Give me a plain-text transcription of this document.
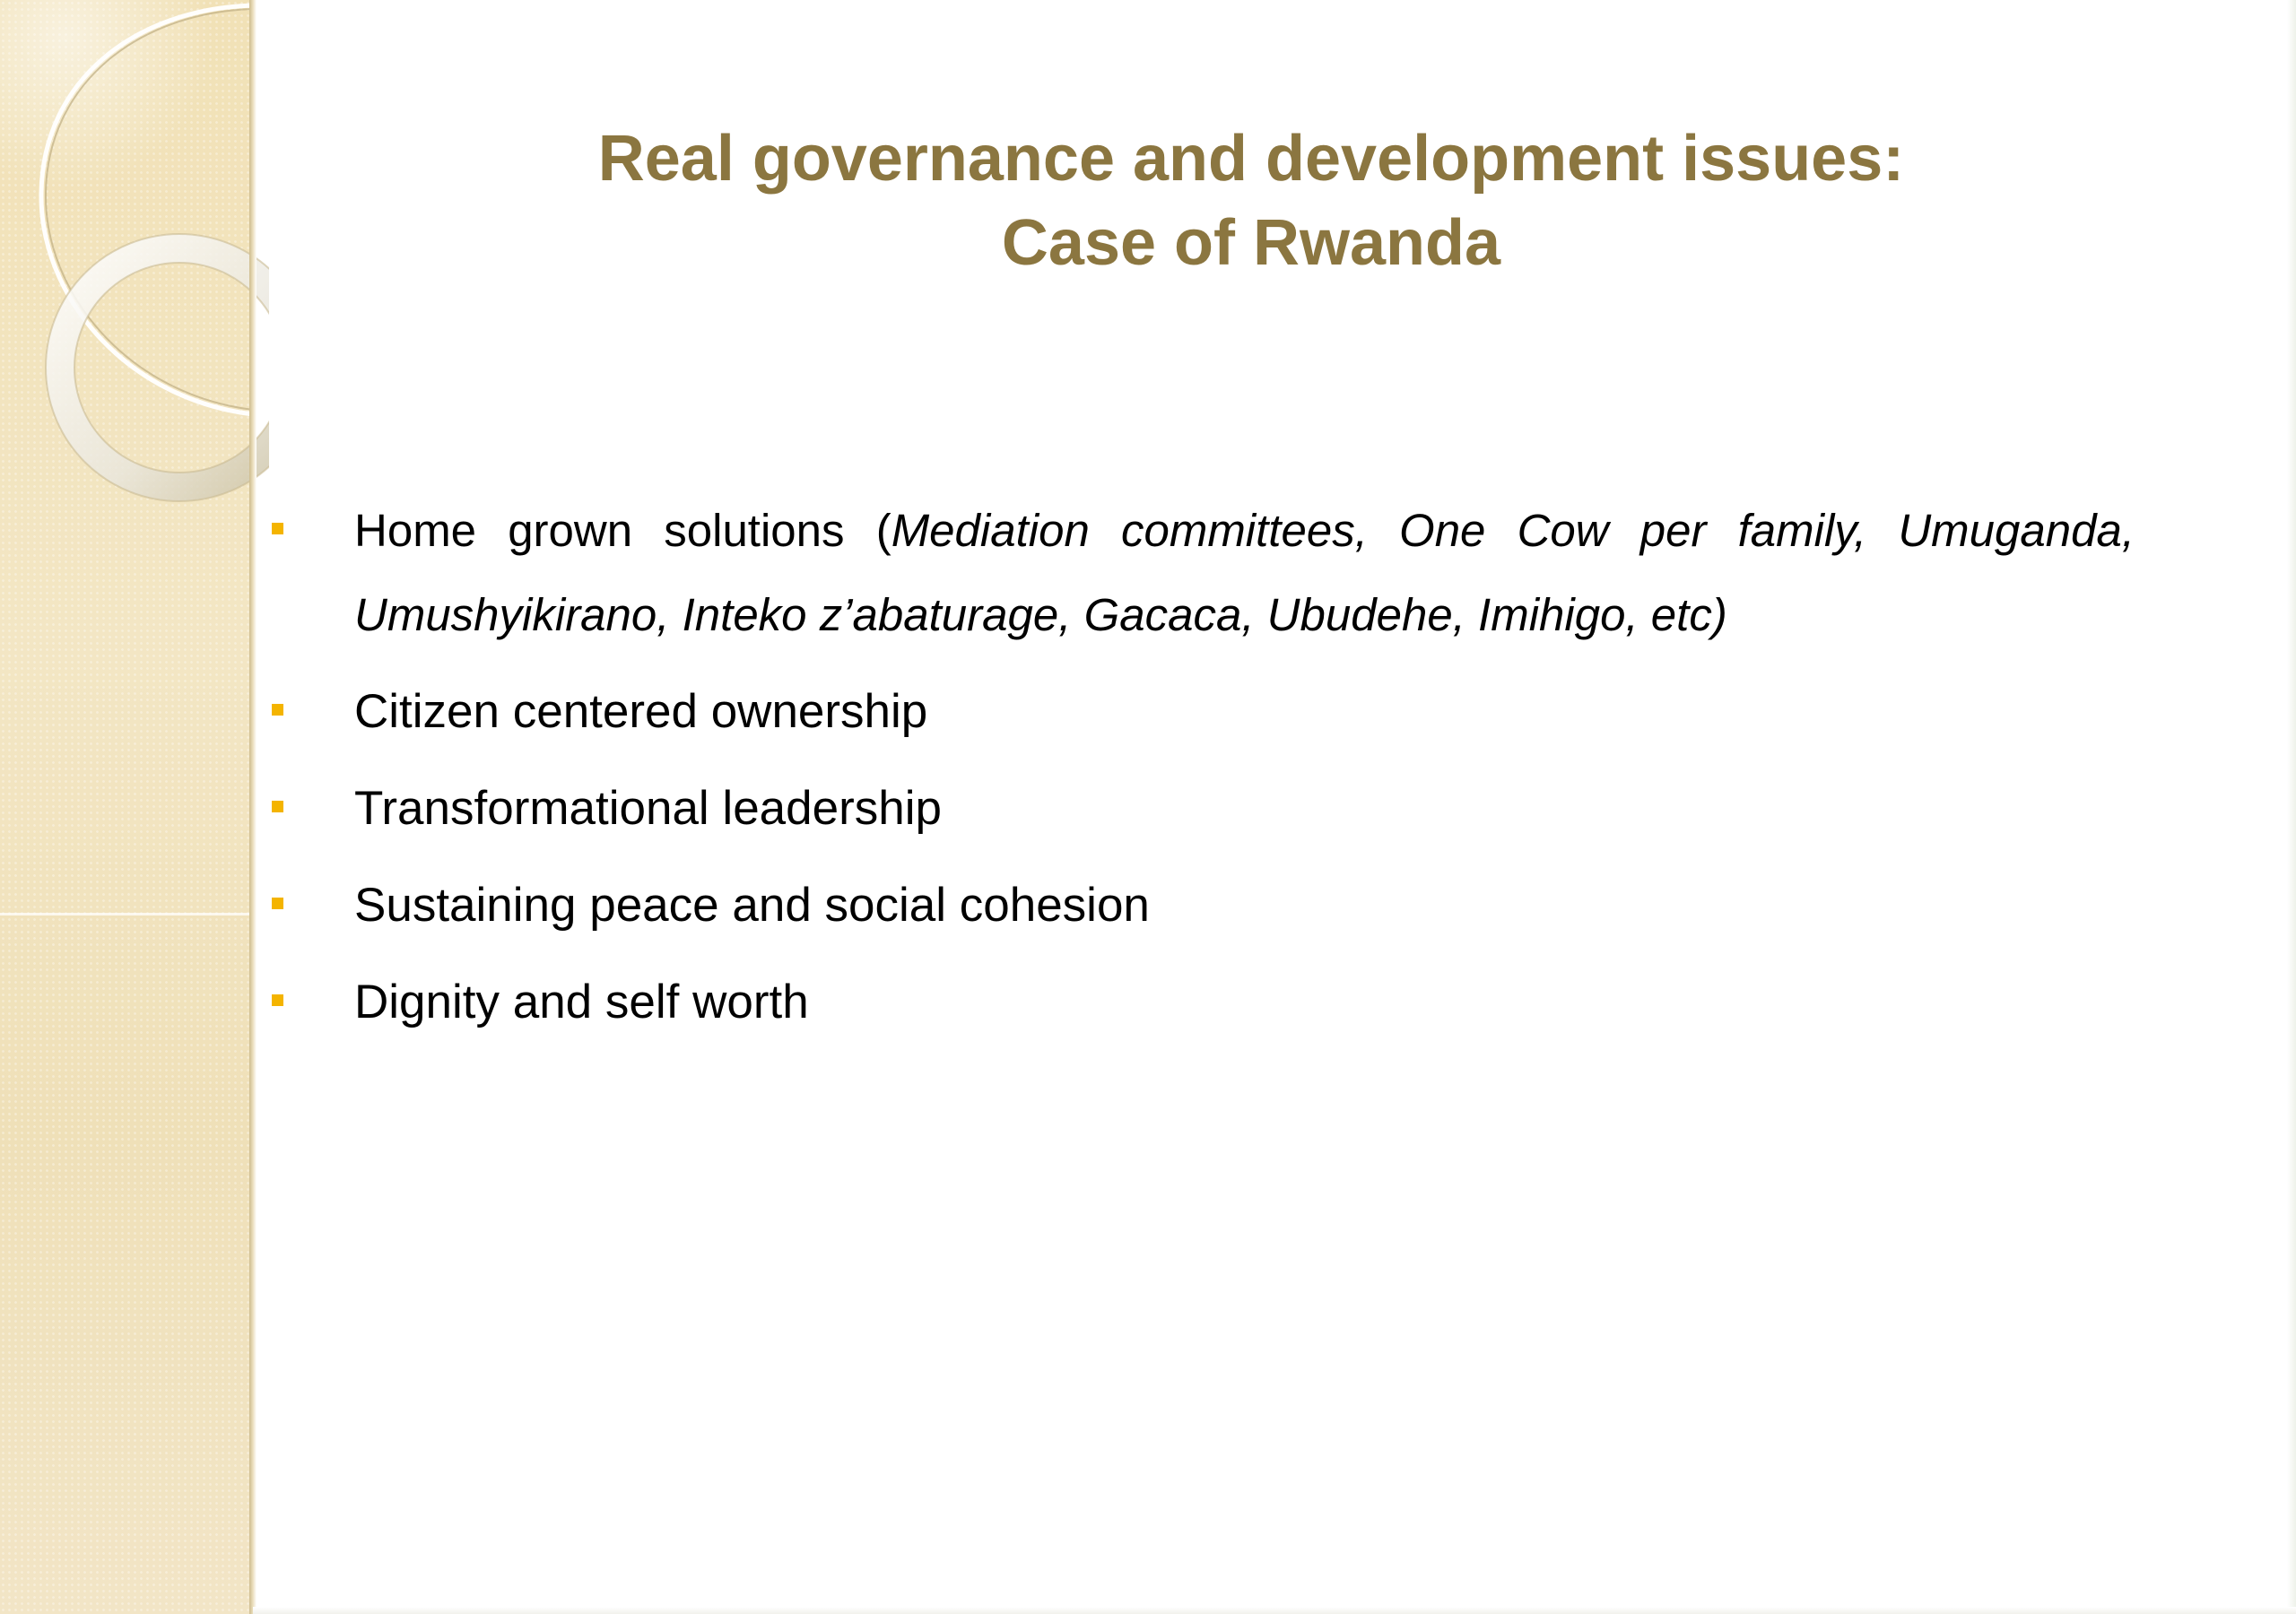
Real governance and development issues:
Case of Rwanda
Home grown solutions (Mediation committees, One Cow per family, Umuganda, Umushyikirano, Inteko z’abaturage, Gacaca, Ubudehe, Imihigo, etc)
Citizen centered ownership
Transformational leadership
Sustaining peace and social cohesion
Dignity and self worth
